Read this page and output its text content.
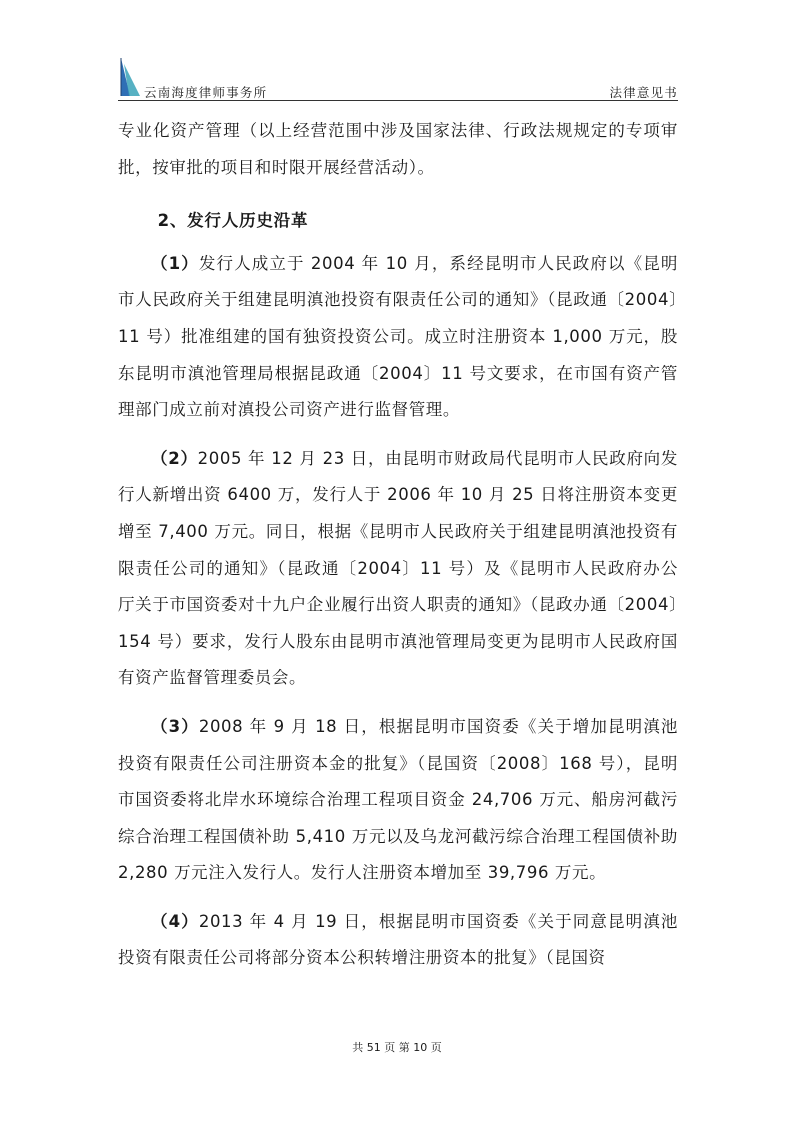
云南海度律师事务所	法律意见书

专业化资产管理（以上经营范围中涉及国家法律、行政法规规定的专项审批，按审批的项目和时限开展经营活动）。

2、发行人历史沿革

（1）发行人成立于 2004 年 10 月，系经昆明市人民政府以《昆明市人民政府关于组建昆明滇池投资有限责任公司的通知》（昆政通〔2004〕11 号）批准组建的国有独资投资公司。成立时注册资本 1,000 万元，股东昆明市滇池管理局根据昆政通〔2004〕11 号文要求，在市国有资产管理部门成立前对滇投公司资产进行监督管理。

（2）2005 年 12 月 23 日，由昆明市财政局代昆明市人民政府向发行人新增出资 6400 万，发行人于 2006 年 10 月 25 日将注册资本变更增至 7,400 万元。同日，根据《昆明市人民政府关于组建昆明滇池投资有限责任公司的通知》（昆政通〔2004〕11 号）及《昆明市人民政府办公厅关于市国资委对十九户企业履行出资人职责的通知》（昆政办通〔2004〕154 号）要求，发行人股东由昆明市滇池管理局变更为昆明市人民政府国有资产监督管理委员会。

（3）2008 年 9 月 18 日，根据昆明市国资委《关于增加昆明滇池投资有限责任公司注册资本金的批复》（昆国资〔2008〕168 号），昆明市国资委将北岸水环境综合治理工程项目资金 24,706 万元、船房河截污综合治理工程国债补助 5,410 万元以及乌龙河截污综合治理工程国债补助 2,280 万元注入发行人。发行人注册资本增加至 39,796 万元。

（4）2013 年 4 月 19 日，根据昆明市国资委《关于同意昆明滇池投资有限责任公司将部分资本公积转增注册资本的批复》（昆国资

共 51 页 第 10 页
